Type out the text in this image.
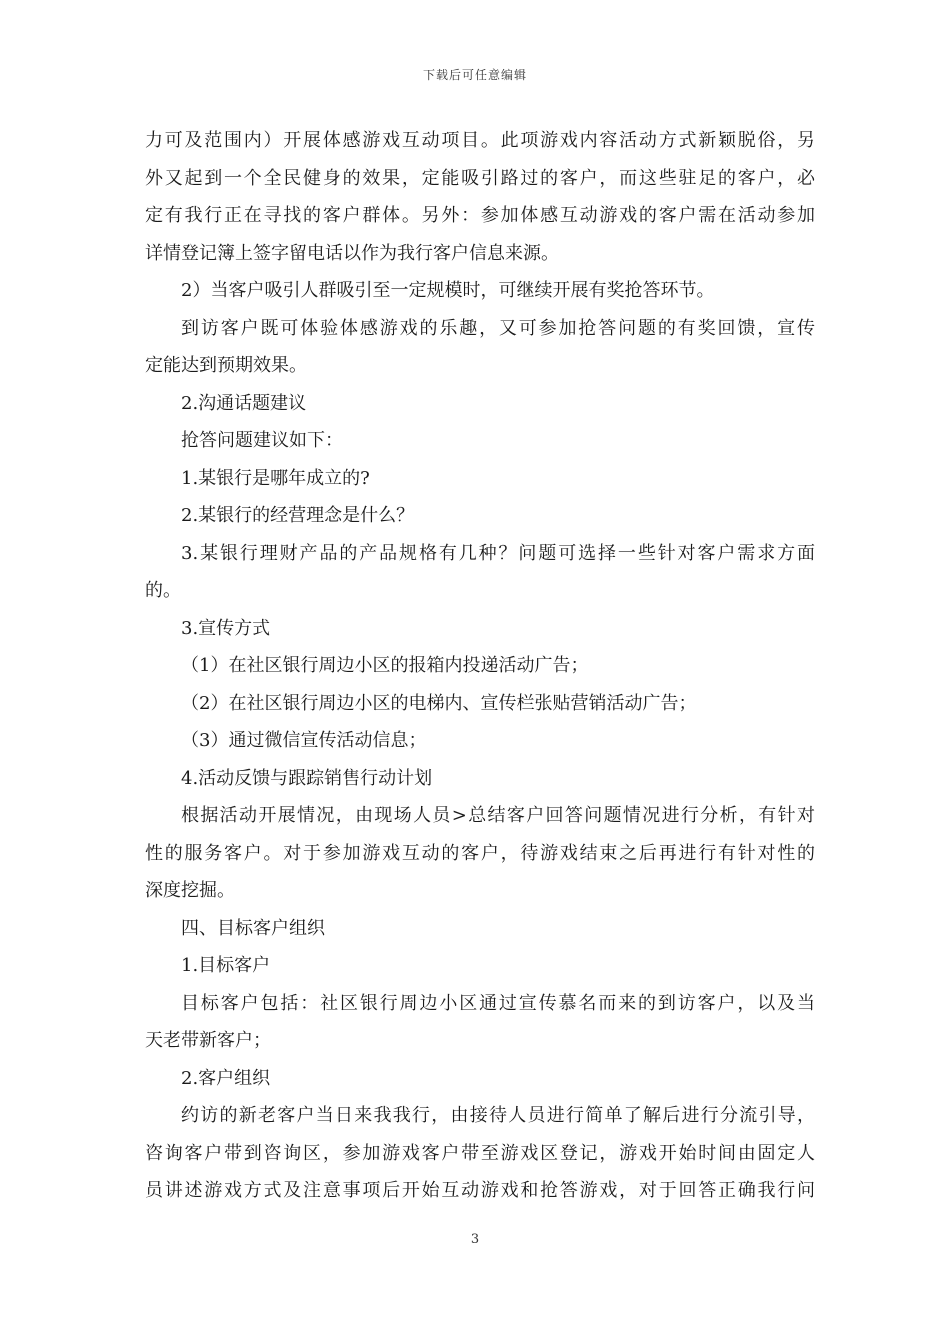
下载后可任意编辑
力可及范围内）开展体感游戏互动项目。此项游戏内容活动方式新颖脱俗，另
外又起到一个全民健身的效果，定能吸引路过的客户，而这些驻足的客户，必
定有我行正在寻找的客户群体。另外：参加体感互动游戏的客户需在活动参加
详情登记簿上签字留电话以作为我行客户信息来源。
2）当客户吸引人群吸引至一定规模时，可继续开展有奖抢答环节。
到访客户既可体验体感游戏的乐趣，又可参加抢答问题的有奖回馈，宣传
定能达到预期效果。
2.沟通话题建议
抢答问题建议如下：
1.某银行是哪年成立的?
2.某银行的经营理念是什么？
3.某银行理财产品的产品规格有几种？问题可选择一些针对客户需求方面
的。
3.宣传方式
（1）在社区银行周边小区的报箱内投递活动广告；
（2）在社区银行周边小区的电梯内、宣传栏张贴营销活动广告；
（3）通过微信宣传活动信息；
4.活动反馈与跟踪销售行动计划
根据活动开展情况，由现场人员>总结客户回答问题情况进行分析，有针对
性的服务客户。对于参加游戏互动的客户，待游戏结束之后再进行有针对性的
深度挖掘。
四、目标客户组织
1.目标客户
目标客户包括：社区银行周边小区通过宣传慕名而来的到访客户，以及当
天老带新客户；
2.客户组织
约访的新老客户当日来我我行，由接待人员进行简单了解后进行分流引导，
咨询客户带到咨询区，参加游戏客户带至游戏区登记，游戏开始时间由固定人
员讲述游戏方式及注意事项后开始互动游戏和抢答游戏，对于回答正确我行问
3
